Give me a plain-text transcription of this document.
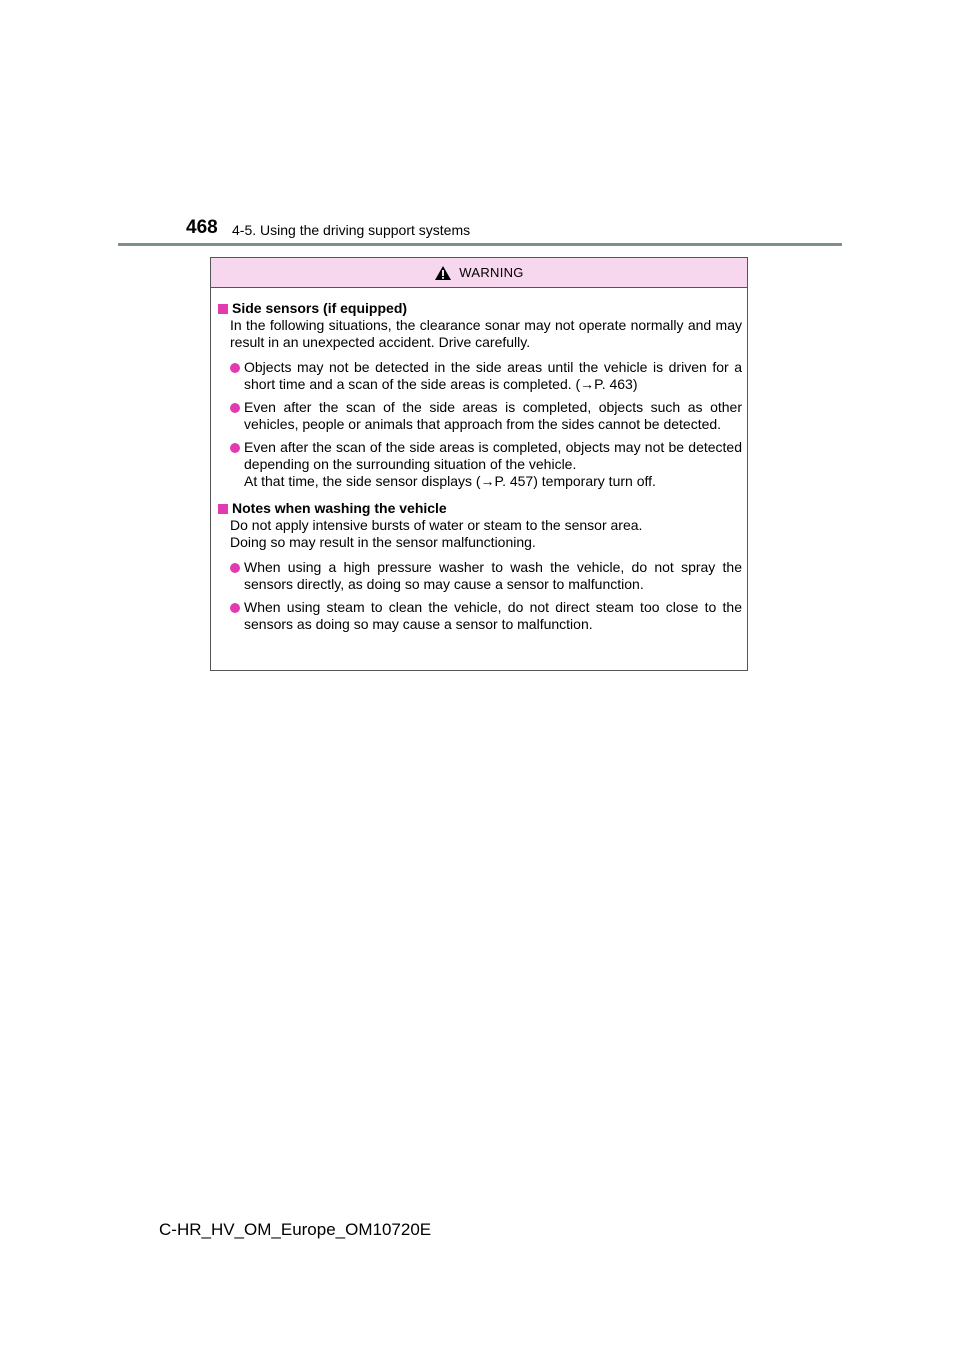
468 4-5. Using the driving support systems
WARNING
Side sensors (if equipped)
In the following situations, the clearance sonar may not operate normally and may result in an unexpected accident. Drive carefully.
Objects may not be detected in the side areas until the vehicle is driven for a short time and a scan of the side areas is completed. (→P. 463)
Even after the scan of the side areas is completed, objects such as other vehicles, people or animals that approach from the sides cannot be detected.
Even after the scan of the side areas is completed, objects may not be detected depending on the surrounding situation of the vehicle.
At that time, the side sensor displays (→P. 457) temporary turn off.
Notes when washing the vehicle
Do not apply intensive bursts of water or steam to the sensor area.
Doing so may result in the sensor malfunctioning.
When using a high pressure washer to wash the vehicle, do not spray the sensors directly, as doing so may cause a sensor to malfunction.
When using steam to clean the vehicle, do not direct steam too close to the sensors as doing so may cause a sensor to malfunction.
C-HR_HV_OM_Europe_OM10720E
